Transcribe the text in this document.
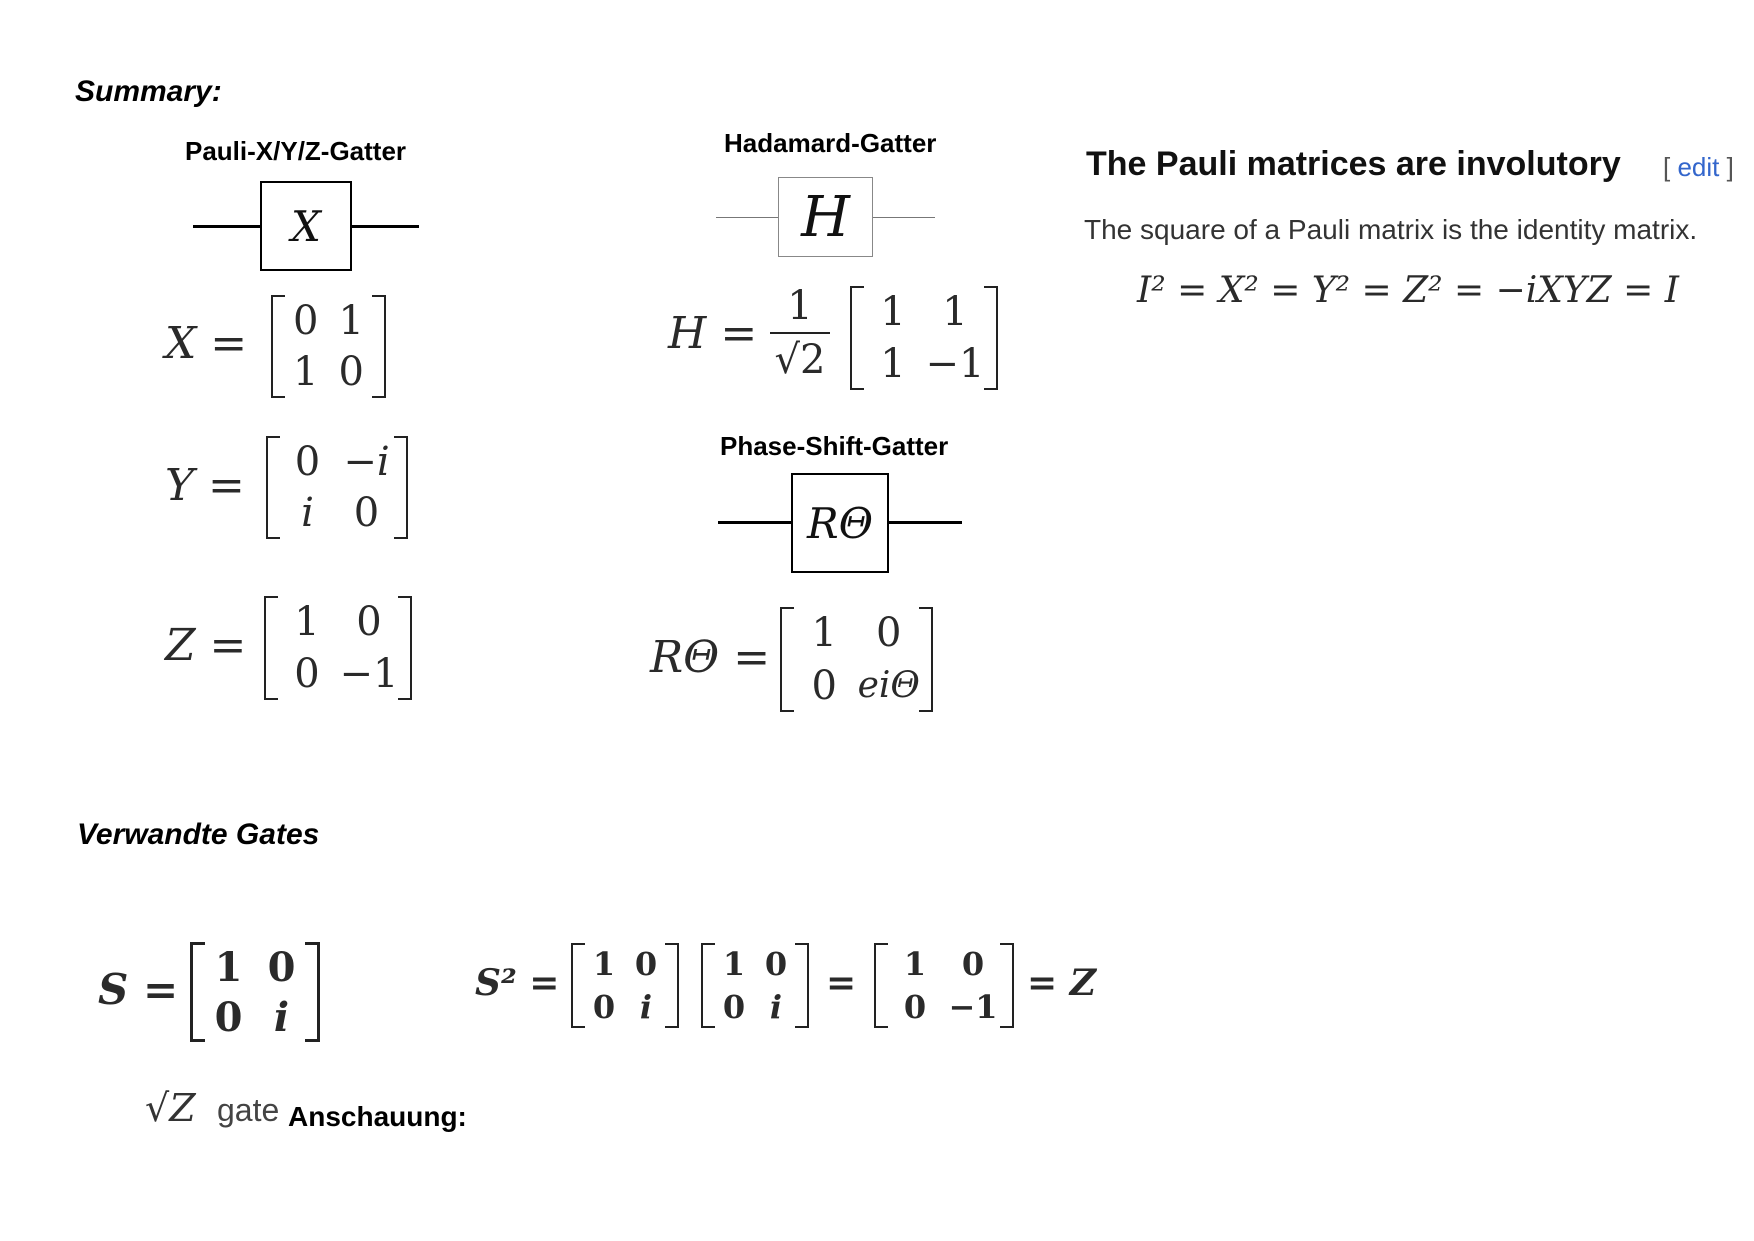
Summary:
Pauli-X/Y/Z-Gatter
X
X = 0 1
1 0
Y = 0 −i
i 0
Z = 1 0
0 −1
Hadamard-Gatter
H
H =
1
√2
1 1
1 −1
Phase-Shift-Gatter
RΘ
RΘ = 1 0
0 eiΘ
The Pauli matrices are involutory [ edit ]
The square of a Pauli matrix is the identity matrix.
I² = X² = Y² = Z² = −iXYZ = I
Verwandte Gates
S = 1 0
0 i
S² = 1 0
0 i
1 0
0 i
= 1 0
0 −1
= Z
√Z gate Anschauung:
